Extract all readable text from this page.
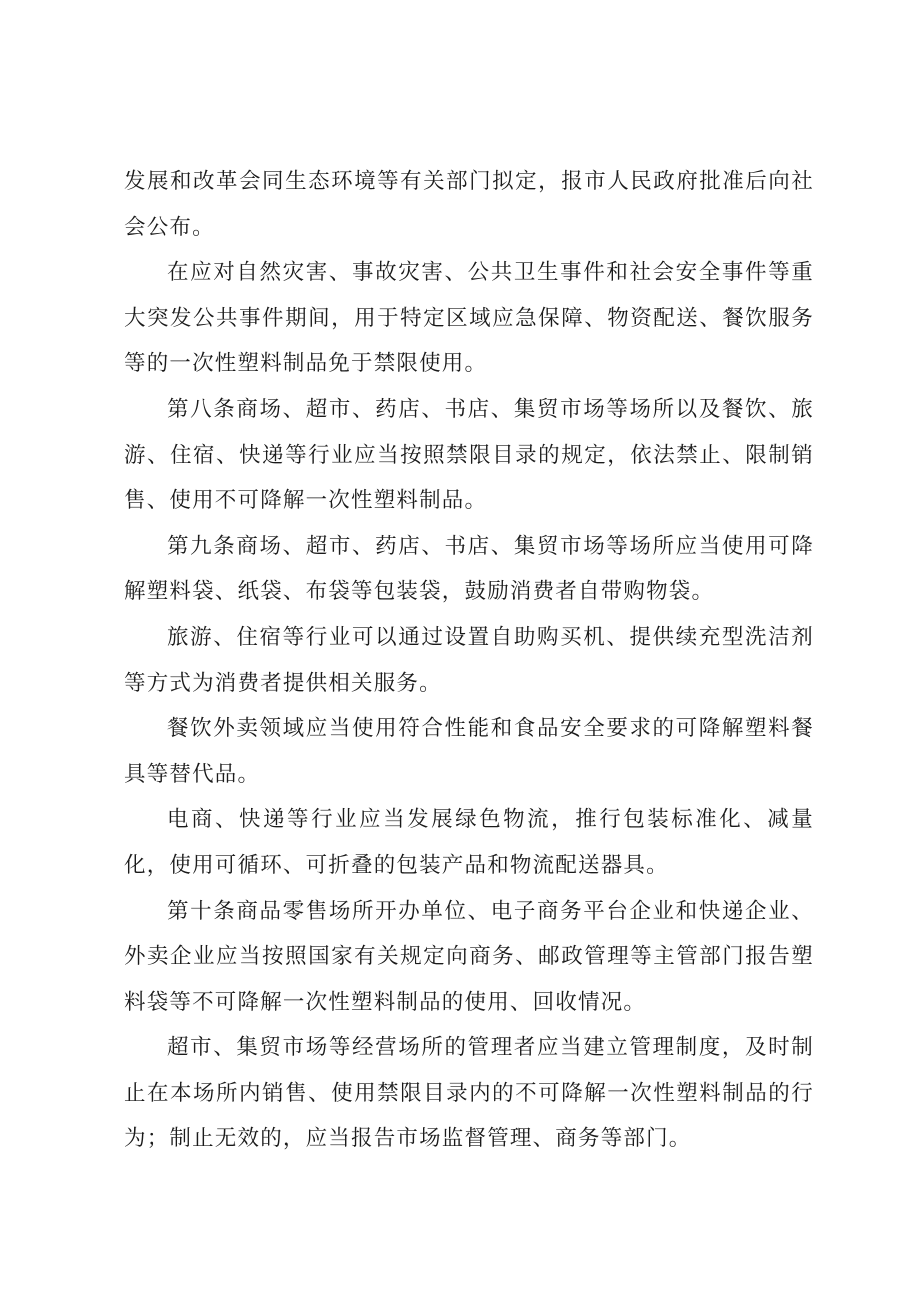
发展和改革会同生态环境等有关部门拟定，报市人民政府批准后向社会公布。

在应对自然灾害、事故灾害、公共卫生事件和社会安全事件等重大突发公共事件期间，用于特定区域应急保障、物资配送、餐饮服务等的一次性塑料制品免于禁限使用。

第八条商场、超市、药店、书店、集贸市场等场所以及餐饮、旅游、住宿、快递等行业应当按照禁限目录的规定，依法禁止、限制销售、使用不可降解一次性塑料制品。

第九条商场、超市、药店、书店、集贸市场等场所应当使用可降解塑料袋、纸袋、布袋等包装袋，鼓励消费者自带购物袋。

旅游、住宿等行业可以通过设置自助购买机、提供续充型洗洁剂等方式为消费者提供相关服务。

餐饮外卖领域应当使用符合性能和食品安全要求的可降解塑料餐具等替代品。

电商、快递等行业应当发展绿色物流，推行包装标准化、减量化，使用可循环、可折叠的包装产品和物流配送器具。

第十条商品零售场所开办单位、电子商务平台企业和快递企业、外卖企业应当按照国家有关规定向商务、邮政管理等主管部门报告塑料袋等不可降解一次性塑料制品的使用、回收情况。

超市、集贸市场等经营场所的管理者应当建立管理制度，及时制止在本场所内销售、使用禁限目录内的不可降解一次性塑料制品的行为；制止无效的，应当报告市场监督管理、商务等部门。
